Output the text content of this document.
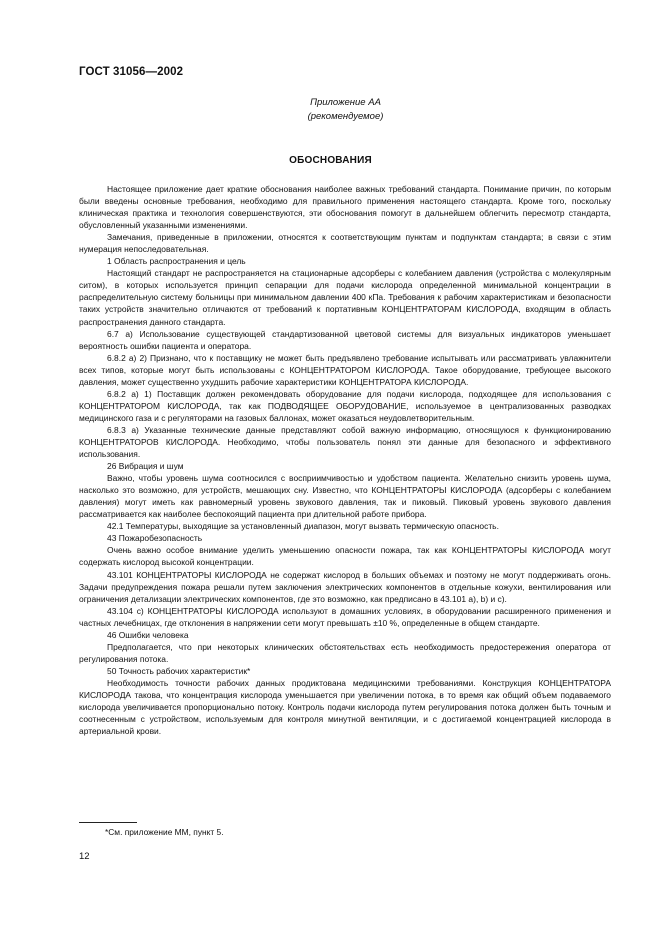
ГОСТ 31056—2002
Приложение АА
(рекомендуемое)
ОБОСНОВАНИЯ

Настоящее приложение дает краткие обоснования наиболее важных требований стандарта. Понимание причин, по которым были введены основные требования, необходимо для правильного применения настоящего стандарта. Кроме того, поскольку клиническая практика и технология совершенствуются, эти обоснования помогут в дальнейшем облегчить пересмотр стандарта, обусловленный указанными изменениями.

Замечания, приведенные в приложении, относятся к соответствующим пунктам и подпунктам стандарта; в связи с этим нумерация непоследовательная.

1 Область распространения и цель

Настоящий стандарт не распространяется на стационарные адсорберы с колебанием давления (устройства с молекулярным ситом), в которых используется принцип сепарации для подачи кислорода определенной минимальной концентрации в распределительную систему больницы при минимальном давлении 400 кПа. Требования к рабочим характеристикам и безопасности таких устройств значительно отличаются от требований к портативным КОНЦЕНТРАТОРАМ КИСЛОРОДА, входящим в область распространения данного стандарта.

6.7 а) Использование существующей стандартизованной цветовой системы для визуальных индикаторов уменьшает вероятность ошибки пациента и оператора.

6.8.2 а) 2) Признано, что к поставщику не может быть предъявлено требование испытывать или рассматривать увлажнители всех типов, которые могут быть использованы с КОНЦЕНТРАТОРОМ КИСЛОРОДА. Такое оборудование, требующее высокого давления, может существенно ухудшить рабочие характеристики КОНЦЕНТРАТОРА КИСЛОРОДА.

6.8.2 а) 1) Поставщик должен рекомендовать оборудование для подачи кислорода, подходящее для использования с КОНЦЕНТРАТОРОМ КИСЛОРОДА, так как ПОДВОДЯЩЕЕ ОБОРУДОВАНИЕ, используемое в централизованных разводках медицинского газа и с регуляторами на газовых баллонах, может оказаться неудовлетворительным.

6.8.3 а) Указанные технические данные представляют собой важную информацию, относящуюся к функционированию КОНЦЕНТРАТОРОВ КИСЛОРОДА. Необходимо, чтобы пользователь понял эти данные для безопасного и эффективного использования.

26 Вибрация и шум

Важно, чтобы уровень шума соотносился с восприимчивостью и удобством пациента. Желательно снизить уровень шума, насколько это возможно, для устройств, мешающих сну. Известно, что КОНЦЕНТРАТОРЫ КИСЛОРОДА (адсорберы с колебанием давления) могут иметь как равномерный уровень звукового давления, так и пиковый. Пиковый уровень звукового давления рассматривается как наиболее беспокоящий пациента при длительной работе прибора.

42.1 Температуры, выходящие за установленный диапазон, могут вызвать термическую опасность.

43 Пожаробезопасность

Очень важно особое внимание уделить уменьшению опасности пожара, так как КОНЦЕНТРАТОРЫ КИСЛОРОДА могут содержать кислород высокой концентрации.

43.101 КОНЦЕНТРАТОРЫ КИСЛОРОДА не содержат кислород в больших объемах и поэтому не могут поддерживать огонь. Задачи предупреждения пожара решали путем заключения электрических компонентов в отдельные кожухи, вентилирования или ограничения детализации электрических компонентов, где это возможно, как предписано в 43.101 а), b) и с).

43.104 с) КОНЦЕНТРАТОРЫ КИСЛОРОДА используют в домашних условиях, в оборудовании расширенного применения и частных лечебницах, где отклонения в напряжении сети могут превышать ±10 %, определенные в общем стандарте.

46 Ошибки человека

Предполагается, что при некоторых клинических обстоятельствах есть необходимость предостережения оператора от регулирования потока.

50 Точность рабочих характеристик*

Необходимость точности рабочих данных продиктована медицинскими требованиями. Конструкция КОНЦЕНТРАТОРА КИСЛОРОДА такова, что концентрация кислорода уменьшается при увеличении потока, в то время как общий объем подаваемого кислорода увеличивается пропорционально потоку. Контроль подачи кислорода путем регулирования потока должен быть точным и соотнесенным с устройством, используемым для контроля минутной вентиляции, и с достигаемой концентрацией кислорода в артериальной крови.

*См. приложение ММ, пункт 5.
12
